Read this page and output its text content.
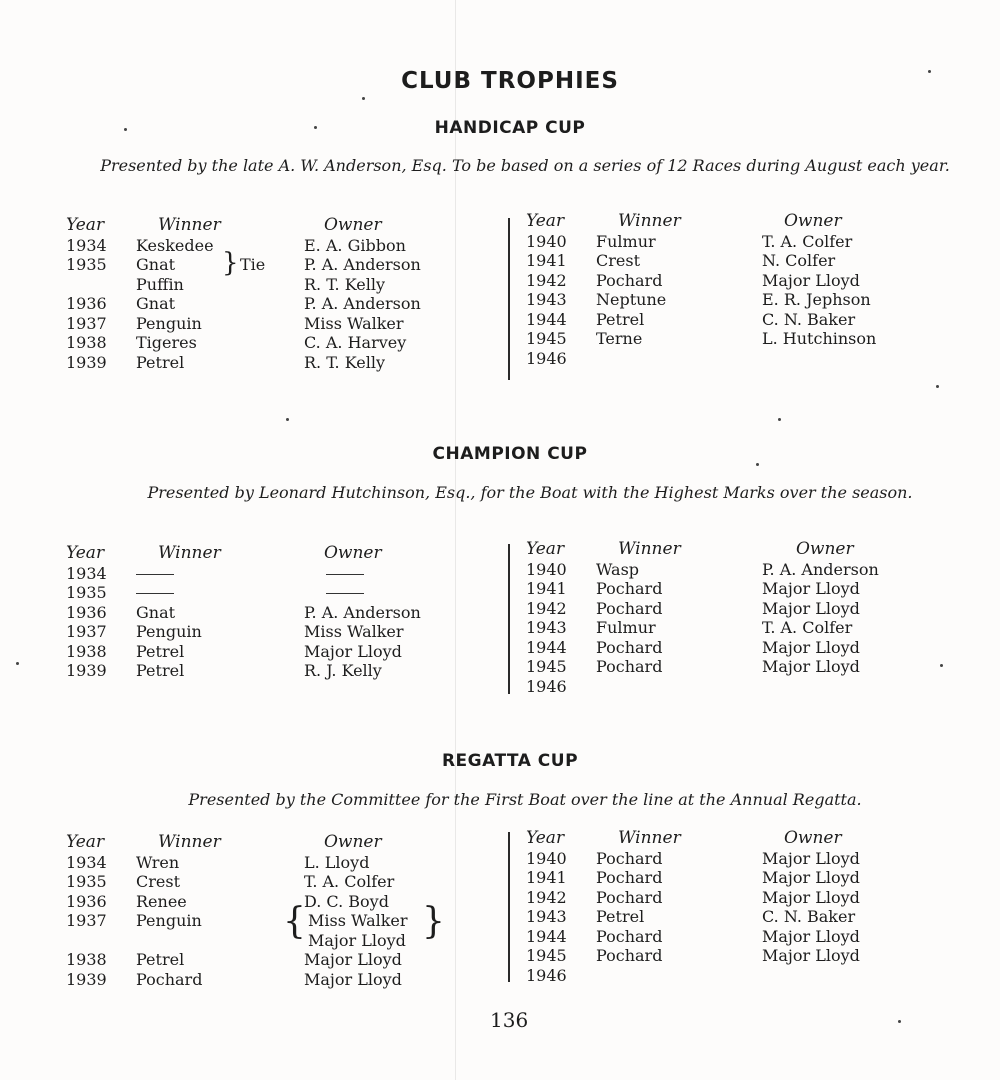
CLUB TROPHIES
HANDICAP CUP

Presented by the late A. W. Anderson, Esq. To be based on a series of 12 Races during August each year.

Year	Winner	Owner
1934	Keskedee	E. A. Gibbon
1935	Gnat	P. A. Anderson
Puffin	R. T. Kelly
1936	Gnat	P. A. Anderson
1937	Penguin	Miss Walker
1938	Tigeres	C. A. Harvey
1939	Petrel	R. T. Kelly
} Tie
Year	Winner	Owner
1940	Fulmur	T. A. Colfer
1941	Crest	N. Colfer
1942	Pochard	Major Lloyd
1943	Neptune	E. R. Jephson
1944	Petrel	C. N. Baker
1945	Terne	L. Hutchinson
1946
CHAMPION CUP

Presented by Leonard Hutchinson, Esq., for the Boat with the Highest Marks over the season.

Year	Winner	Owner
1934
1935
1936	Gnat	P. A. Anderson
1937	Penguin	Miss Walker
1938	Petrel	Major Lloyd
1939	Petrel	R. J. Kelly
Year	Winner	Owner
1940	Wasp	P. A. Anderson
1941	Pochard	Major Lloyd
1942	Pochard	Major Lloyd
1943	Fulmur	T. A. Colfer
1944	Pochard	Major Lloyd
1945	Pochard	Major Lloyd
1946
REGATTA CUP

Presented by the Committee for the First Boat over the line at the Annual Regatta.

Year	Winner	Owner
1934	Wren	L. Lloyd
1935	Crest	T. A. Colfer
1936	Renee	D. C. Boyd
1937	Penguin	Miss Walker
Major Lloyd
1938	Petrel	Major Lloyd
1939	Pochard	Major Lloyd
{	}
Year	Winner	Owner
1940	Pochard	Major Lloyd
1941	Pochard	Major Lloyd
1942	Pochard	Major Lloyd
1943	Petrel	C. N. Baker
1944	Pochard	Major Lloyd
1945	Pochard	Major Lloyd
1946
136
